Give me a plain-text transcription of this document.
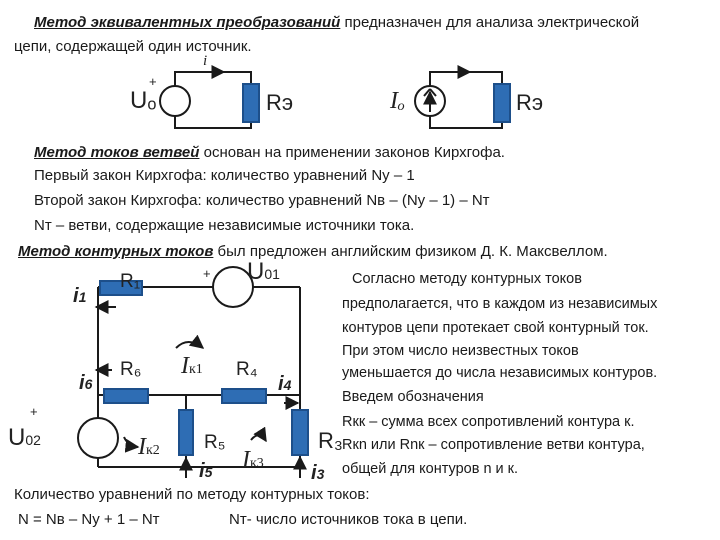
Метод эквивалентных преобразований предназначен для анализа электрической
цепи, содержащей один источник.
+
Uₒ	Rэ
i
Iₒ	Rэ
Метод токов ветвей основан на применении законов Кирхгофа.
Первый закон Кирхгофа: количество уравнений Nу – 1
Второй закон Кирхгофа: количество уравнений Nв – (Nу – 1) – Nт
Nт – ветви, содержащие независимые источники тока.
Метод контурных токов был предложен английским физиком Д. К. Максвеллом.
+ U01
+
U02
R₁
R₆	R₄
R₅	R₃
i1
i6	i4
i5	i3
Iк1
Iк2	Iк3
Согласно методу контурных токов
предполагается, что в каждом из независимых
контуров цепи протекает свой контурный ток.
При этом число неизвестных токов
уменьшается до числа независимых контуров.
Введем обозначения
Rкк – сумма всех сопротивлений контура к.
Rкn или Rnк – сопротивление ветви контура,
общей для контуров n и к.
Количество уравнений по методу контурных токов:
N = Nв – Nу + 1 – Nт	Nт- число источников тока в цепи.
